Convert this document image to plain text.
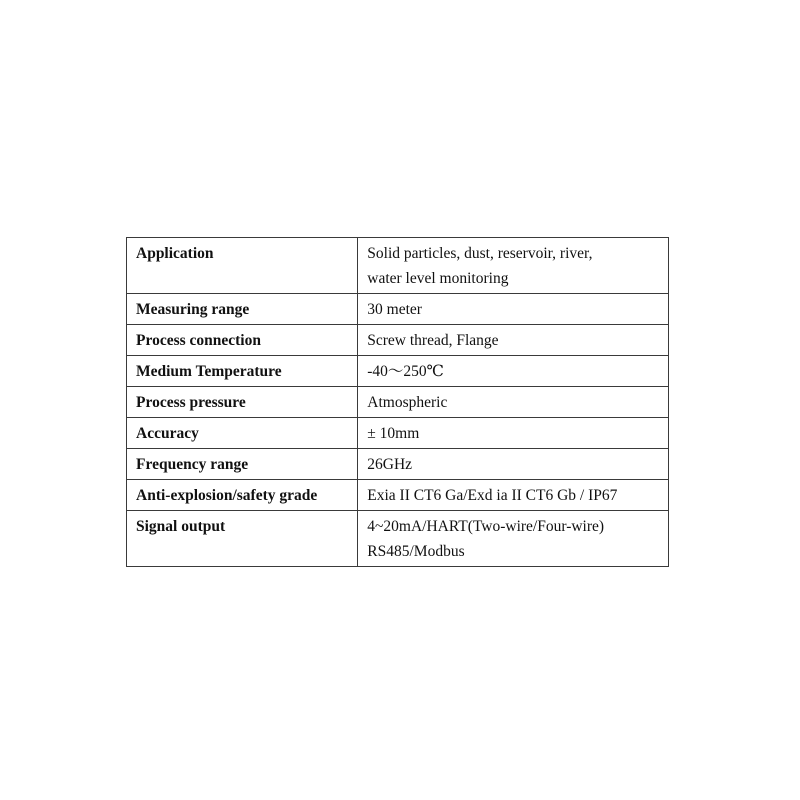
Application	Solid particles, dust, reservoir, river,
water level monitoring

Measuring range	30 meter

Process connection	Screw thread, Flange

Medium Temperature	-40～250℃

Process pressure	Atmospheric

Accuracy	± 10mm

Frequency range	26GHz

Anti-explosion/safety grade	Exia II CT6 Ga/Exd ia II CT6 Gb / IP67

Signal output	4~20mA/HART(Two-wire/Four-wire)
RS485/Modbus
